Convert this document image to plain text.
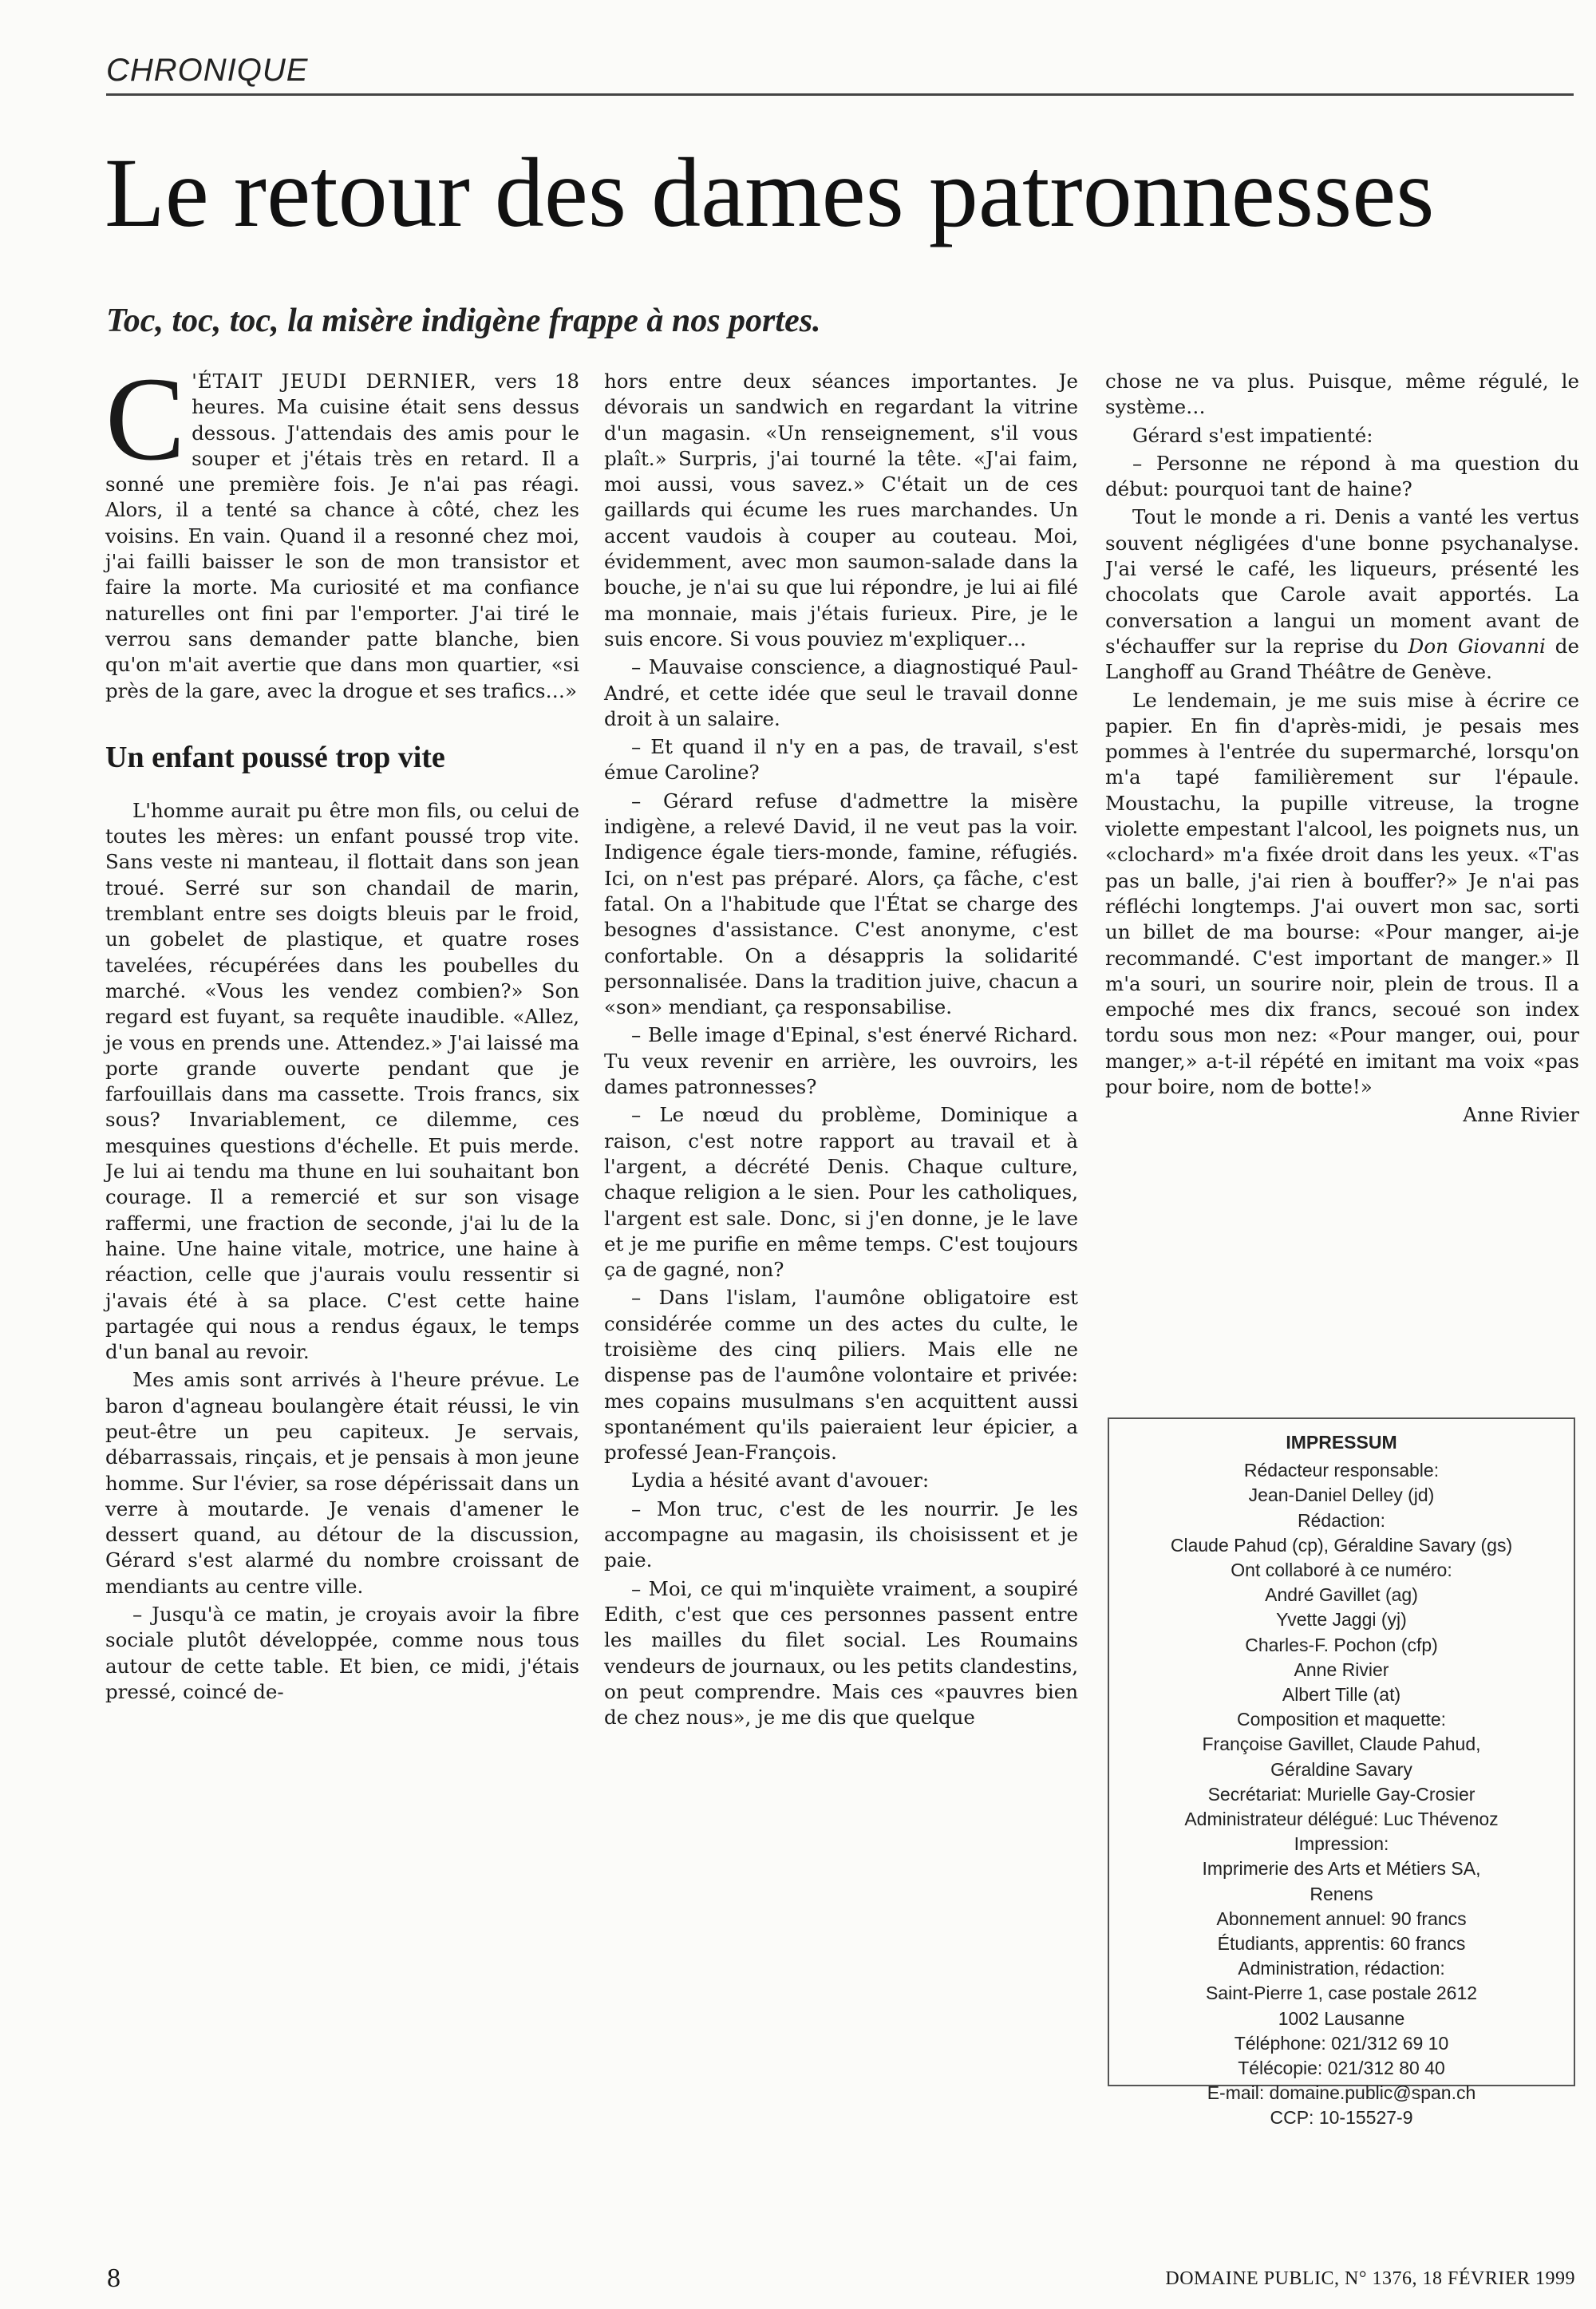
CHRONIQUE
Le retour des dames patronnesses
Toc, toc, toc, la misère indigène frappe à nos portes.

C 'ÉTAIT JEUDI DERNIER, vers 18 heures. Ma cuisine était sens dessus dessous. J'attendais des amis pour le souper et j'étais très en retard. Il a sonné une première fois. Je n'ai pas réagi. Alors, il a tenté sa chance à côté, chez les voisins. En vain. Quand il a resonné chez moi, j'ai failli baisser le son de mon transistor et faire la morte. Ma curiosité et ma confiance naturelles ont fini par l'emporter. J'ai tiré le verrou sans demander patte blanche, bien qu'on m'ait avertie que dans mon quartier, «si près de la gare, avec la drogue et ses trafics…»

Un enfant poussé trop vite

L'homme aurait pu être mon fils, ou celui de toutes les mères: un enfant poussé trop vite. Sans veste ni manteau, il flottait dans son jean troué. Serré sur son chandail de marin, tremblant entre ses doigts bleuis par le froid, un gobelet de plastique, et quatre roses tavelées, récupérées dans les poubelles du marché. «Vous les vendez combien?» Son regard est fuyant, sa requête inaudible. «Allez, je vous en prends une. Attendez.» J'ai laissé ma porte grande ouverte pendant que je farfouillais dans ma cassette. Trois francs, six sous? Invariablement, ce dilemme, ces mesquines questions d'échelle. Et puis merde. Je lui ai tendu ma thune en lui souhaitant bon courage. Il a remercié et sur son visage raffermi, une fraction de seconde, j'ai lu de la haine. Une haine vitale, motrice, une haine à réaction, celle que j'aurais voulu ressentir si j'avais été à sa place. C'est cette haine partagée qui nous a rendus égaux, le temps d'un banal au revoir.

Mes amis sont arrivés à l'heure prévue. Le baron d'agneau boulangère était réussi, le vin peut-être un peu capiteux. Je servais, débarrassais, rinçais, et je pensais à mon jeune homme. Sur l'évier, sa rose dépérissait dans un verre à moutarde. Je venais d'amener le dessert quand, au détour de la discussion, Gérard s'est alarmé du nombre croissant de mendiants au centre ville.

– Jusqu'à ce matin, je croyais avoir la fibre sociale plutôt développée, comme nous tous autour de cette table. Et bien, ce midi, j'étais pressé, coincé de-

hors entre deux séances importantes. Je dévorais un sandwich en regardant la vitrine d'un magasin. «Un renseignement, s'il vous plaît.» Surpris, j'ai tourné la tête. «J'ai faim, moi aussi, vous savez.» C'était un de ces gaillards qui écume les rues marchandes. Un accent vaudois à couper au couteau. Moi, évidemment, avec mon saumon-salade dans la bouche, je n'ai su que lui répondre, je lui ai filé ma monnaie, mais j'étais furieux. Pire, je le suis encore. Si vous pouviez m'expliquer…

– Mauvaise conscience, a diagnostiqué Paul-André, et cette idée que seul le travail donne droit à un salaire.

– Et quand il n'y en a pas, de travail, s'est émue Caroline?

– Gérard refuse d'admettre la misère indigène, a relevé David, il ne veut pas la voir. Indigence égale tiers-monde, famine, réfugiés. Ici, on n'est pas préparé. Alors, ça fâche, c'est fatal. On a l'habitude que l'État se charge des besognes d'assistance. C'est anonyme, c'est confortable. On a désappris la solidarité personnalisée. Dans la tradition juive, chacun a «son» mendiant, ça responsabilise.

– Belle image d'Epinal, s'est énervé Richard. Tu veux revenir en arrière, les ouvroirs, les dames patronnesses?

– Le nœud du problème, Dominique a raison, c'est notre rapport au travail et à l'argent, a décrété Denis. Chaque culture, chaque religion a le sien. Pour les catholiques, l'argent est sale. Donc, si j'en donne, je le lave et je me purifie en même temps. C'est toujours ça de gagné, non?

– Dans l'islam, l'aumône obligatoire est considérée comme un des actes du culte, le troisième des cinq piliers. Mais elle ne dispense pas de l'aumône volontaire et privée: mes copains musulmans s'en acquittent aussi spontanément qu'ils paieraient leur épicier, a professé Jean-François.

Lydia a hésité avant d'avouer:

– Mon truc, c'est de les nourrir. Je les accompagne au magasin, ils choisissent et je paie.

– Moi, ce qui m'inquiète vraiment, a soupiré Edith, c'est que ces personnes passent entre les mailles du filet social. Les Roumains vendeurs de journaux, ou les petits clandestins, on peut comprendre. Mais ces «pauvres bien de chez nous», je me dis que quelque

chose ne va plus. Puisque, même régulé, le système…

Gérard s'est impatienté:

– Personne ne répond à ma question du début: pourquoi tant de haine?

Tout le monde a ri. Denis a vanté les vertus souvent négligées d'une bonne psychanalyse. J'ai versé le café, les liqueurs, présenté les chocolats que Carole avait apportés. La conversation a langui un moment avant de s'échauffer sur la reprise du Don Giovanni de Langhoff au Grand Théâtre de Genève.

Le lendemain, je me suis mise à écrire ce papier. En fin d'après-midi, je pesais mes pommes à l'entrée du supermarché, lorsqu'on m'a tapé familièrement sur l'épaule. Moustachu, la pupille vitreuse, la trogne violette empestant l'alcool, les poignets nus, un «clochard» m'a fixée droit dans les yeux. «T'as pas un balle, j'ai rien à bouffer?» Je n'ai pas réfléchi longtemps. J'ai ouvert mon sac, sorti un billet de ma bourse: «Pour manger, ai-je recommandé. C'est important de manger.» Il m'a souri, un sourire noir, plein de trous. Il a empoché mes dix francs, secoué son index tordu sous mon nez: «Pour manger, oui, pour manger,» a-t-il répété en imitant ma voix «pas pour boire, nom de botte!»

Anne Rivier

IMPRESSUM
Rédacteur responsable:
Jean-Daniel Delley (jd)
Rédaction:
Claude Pahud (cp), Géraldine Savary (gs)
Ont collaboré à ce numéro:
André Gavillet (ag)
Yvette Jaggi (yj)
Charles-F. Pochon (cfp)
Anne Rivier
Albert Tille (at)
Composition et maquette:
Françoise Gavillet, Claude Pahud,
Géraldine Savary
Secrétariat: Murielle Gay-Crosier
Administrateur délégué: Luc Thévenoz
Impression:
Imprimerie des Arts et Métiers SA,
Renens
Abonnement annuel: 90 francs
Étudiants, apprentis: 60 francs
Administration, rédaction:
Saint-Pierre 1, case postale 2612
1002 Lausanne
Téléphone: 021/312 69 10
Télécopie: 021/312 80 40
E-mail: domaine.public@span.ch
CCP: 10-15527-9
8	DOMAINE PUBLIC, N° 1376, 18 FÉVRIER 1999
